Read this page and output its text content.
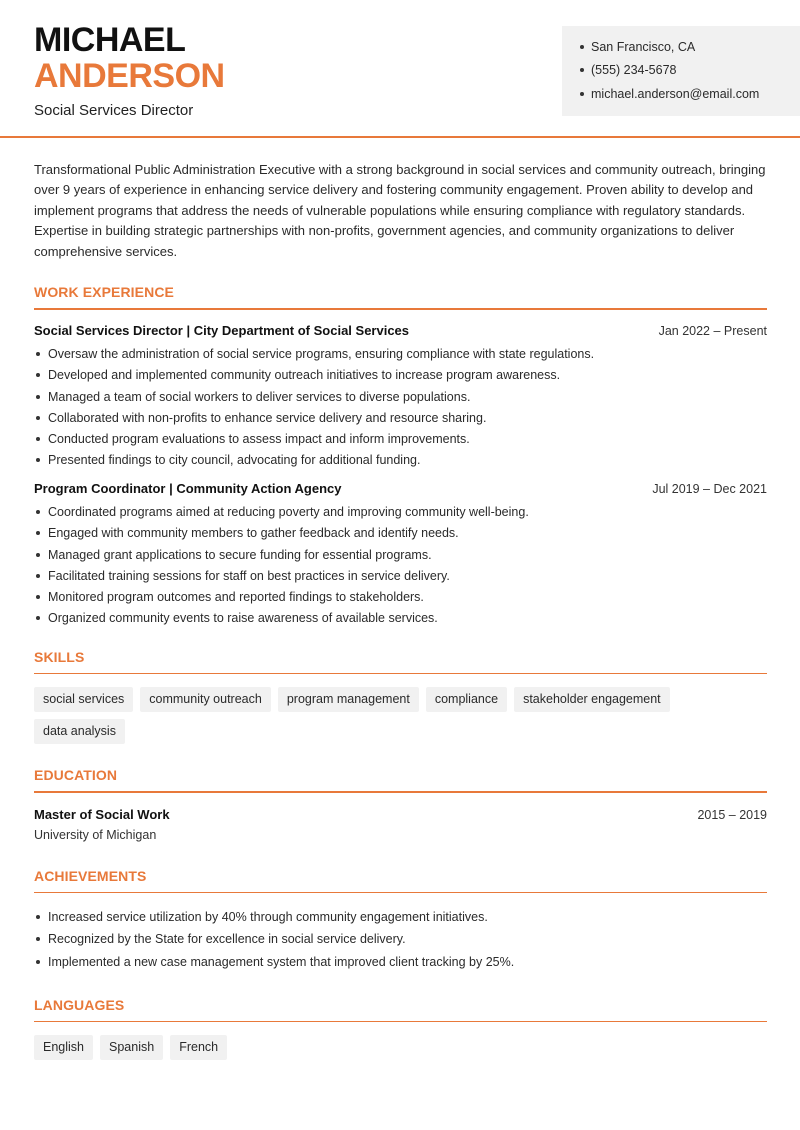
MICHAEL
ANDERSON
Social Services Director
San Francisco, CA
(555) 234-5678
michael.anderson@email.com

Transformational Public Administration Executive with a strong background in social services and community outreach, bringing over 9 years of experience in enhancing service delivery and fostering community engagement. Proven ability to develop and implement programs that address the needs of vulnerable populations while ensuring compliance with regulatory standards. Expertise in building strategic partnerships with non-profits, government agencies, and community organizations to deliver comprehensive services.

WORK EXPERIENCE
Social Services Director | City Department of Social Services	Jan 2022 – Present
Oversaw the administration of social service programs, ensuring compliance with state regulations.
Developed and implemented community outreach initiatives to increase program awareness.
Managed a team of social workers to deliver services to diverse populations.
Collaborated with non-profits to enhance service delivery and resource sharing.
Conducted program evaluations to assess impact and inform improvements.
Presented findings to city council, advocating for additional funding.
Program Coordinator | Community Action Agency	Jul 2019 – Dec 2021
Coordinated programs aimed at reducing poverty and improving community well-being.
Engaged with community members to gather feedback and identify needs.
Managed grant applications to secure funding for essential programs.
Facilitated training sessions for staff on best practices in service delivery.
Monitored program outcomes and reported findings to stakeholders.
Organized community events to raise awareness of available services.
SKILLS
social services	community outreach	program management	compliance	stakeholder engagement
data analysis
EDUCATION
Master of Social Work	2015 – 2019
University of Michigan
ACHIEVEMENTS
Increased service utilization by 40% through community engagement initiatives.
Recognized by the State for excellence in social service delivery.
Implemented a new case management system that improved client tracking by 25%.
LANGUAGES
English	Spanish	French
